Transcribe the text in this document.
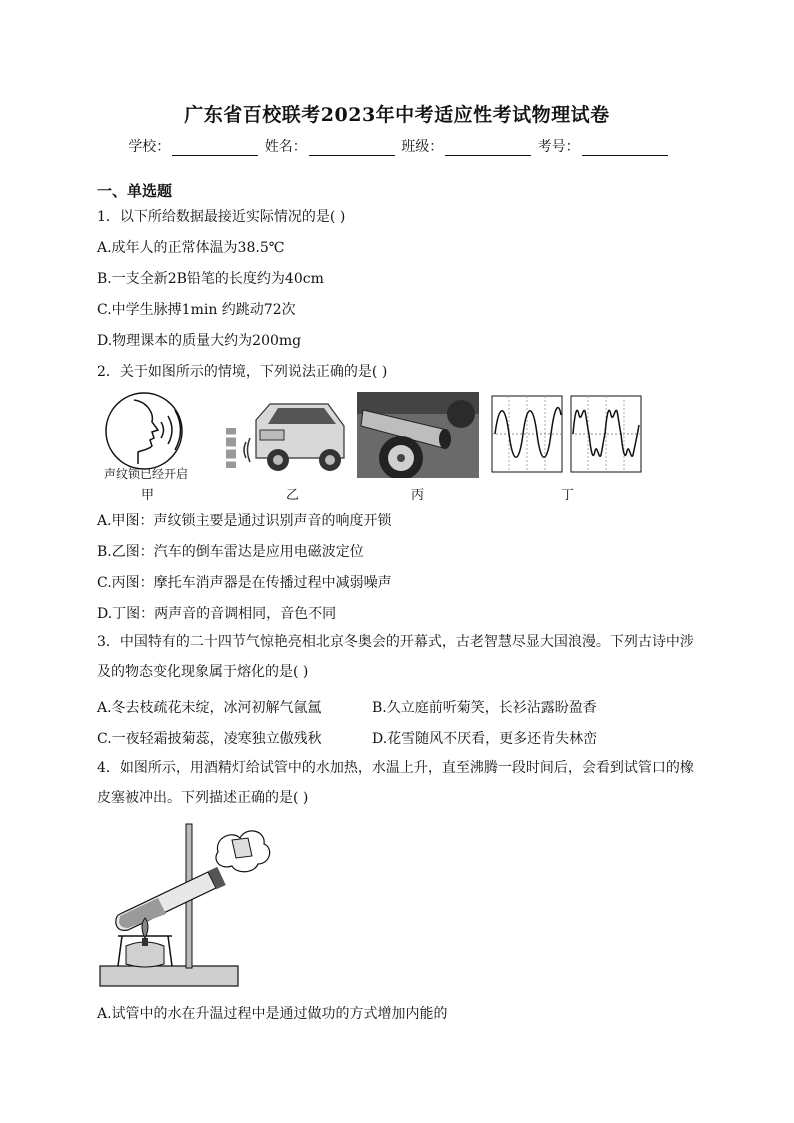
广东省百校联考2023年中考适应性考试物理试卷
学校：	姓名：	班级：	考号：
一、单选题
1．以下所给数据最接近实际情况的是( )
A.成年人的正常体温为38.5℃
B.一支全新2B铅笔的长度约为40cm
C.中学生脉搏1min 约跳动72次
D.物理课本的质量大约为200mg
2．关于如图所示的情境，下列说法正确的是( )
声纹锁已经开启
甲	乙	丙	丁
A.甲图：声纹锁主要是通过识别声音的响度开锁
B.乙图：汽车的倒车雷达是应用电磁波定位
C.丙图：摩托车消声器是在传播过程中减弱噪声
D.丁图：两声音的音调相同，音色不同
3．中国特有的二十四节气惊艳亮相北京冬奥会的开幕式，古老智慧尽显大国浪漫。下列古诗中涉及的物态变化现象属于熔化的是( )
A.冬去枝疏花未绽，冰河初解气氤氲	B.久立庭前听菊笑，长衫沾露盼盈香
C.一夜轻霜披菊蕊，凌寒独立傲残秋	D.花雪随风不厌看，更多还肯失林峦
4．如图所示，用酒精灯给试管中的水加热，水温上升，直至沸腾一段时间后，会看到试管口的橡皮塞被冲出。下列描述正确的是( )
A.试管中的水在升温过程中是通过做功的方式增加内能的
